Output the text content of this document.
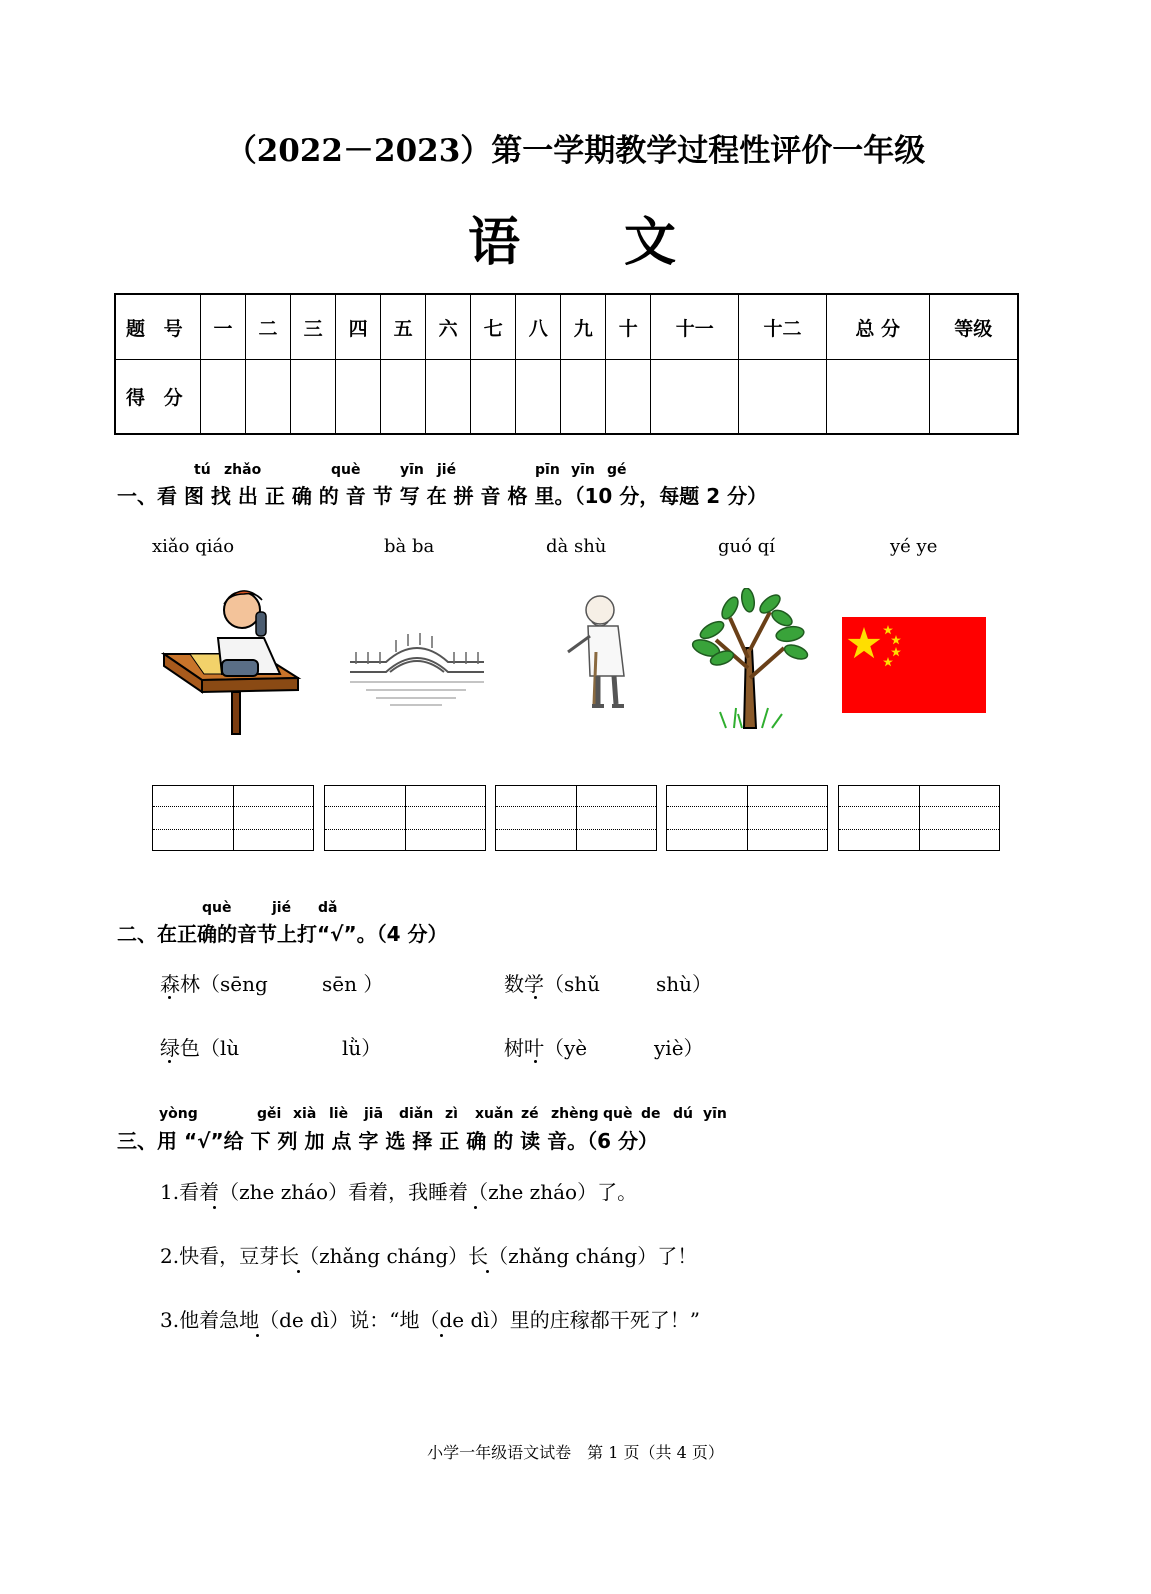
（2022－2023）第一学期教学过程性评价一年级
语　　文
题 号	一	二	三	四	五	六	七	八	九	十	十一	十二	总 分	等级
得 分														
tú zhǎo	què	yīn jié	pīn yīn gé
一、看 图 找 出 正 确 的 音 节 写 在 拼 音 格 里。（10 分，每题 2 分）
xiǎo qiáo	bà ba	dà shù	guó qí	yé ye
què	jié dǎ
二、在正确的音节上打“√”。（4 分）
森林（sēng	sēn ）	数学（shǔ	shù）
绿色（lù	lǜ）	树叶（yè	yiè）
yòng	gěi xià liè jiā diǎn zì xuǎn zé zhèng què de dú yīn
三、用 “√”给 下 列 加 点 字 选 择 正 确 的 读 音。（6 分）
1.看着（zhe zháo）看着，我睡着（zhe zháo）了。
2.快看，豆芽长（zhǎng cháng）长（zhǎng cháng）了！
3.他着急地（de dì）说：“地（de dì）里的庄稼都干死了！”
小学一年级语文试卷　第 1 页（共 4 页）
